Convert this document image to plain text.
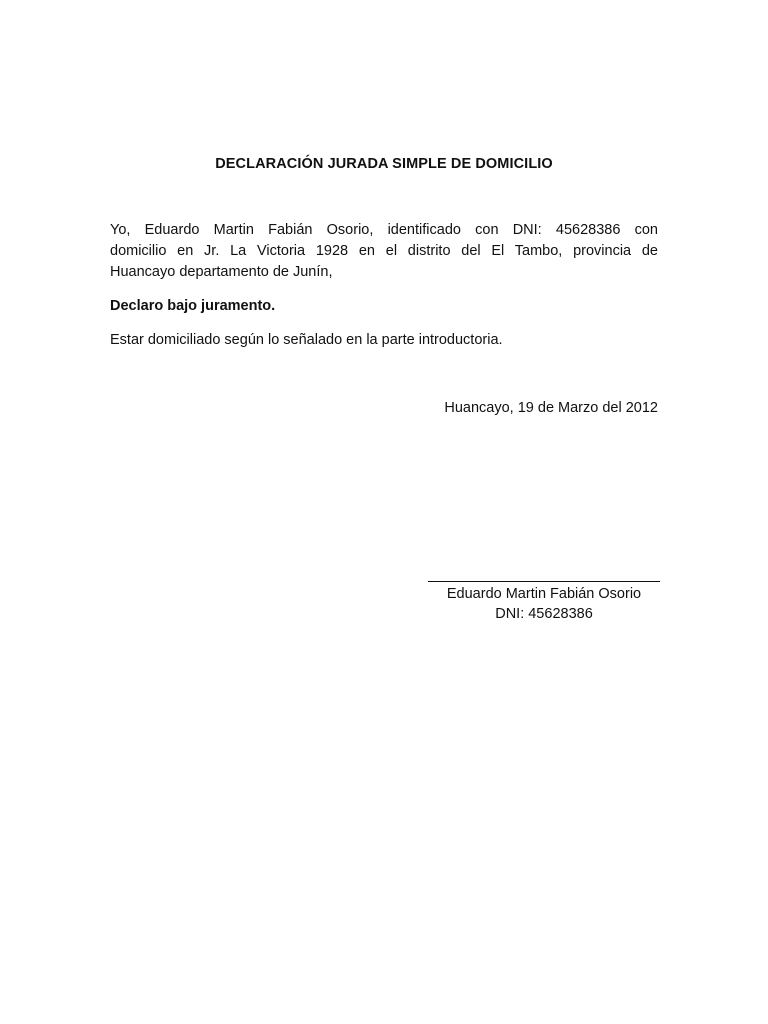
DECLARACIÓN JURADA SIMPLE DE DOMICILIO
Yo, Eduardo Martin Fabián Osorio, identificado con DNI: 45628386 con
domicilio en Jr. La Victoria 1928 en el distrito del El Tambo, provincia de
Huancayo departamento de Junín,
Declaro bajo juramento.
Estar domiciliado según lo señalado en la parte introductoria.
Huancayo, 19 de Marzo del 2012
Eduardo Martin Fabián Osorio
DNI: 45628386
